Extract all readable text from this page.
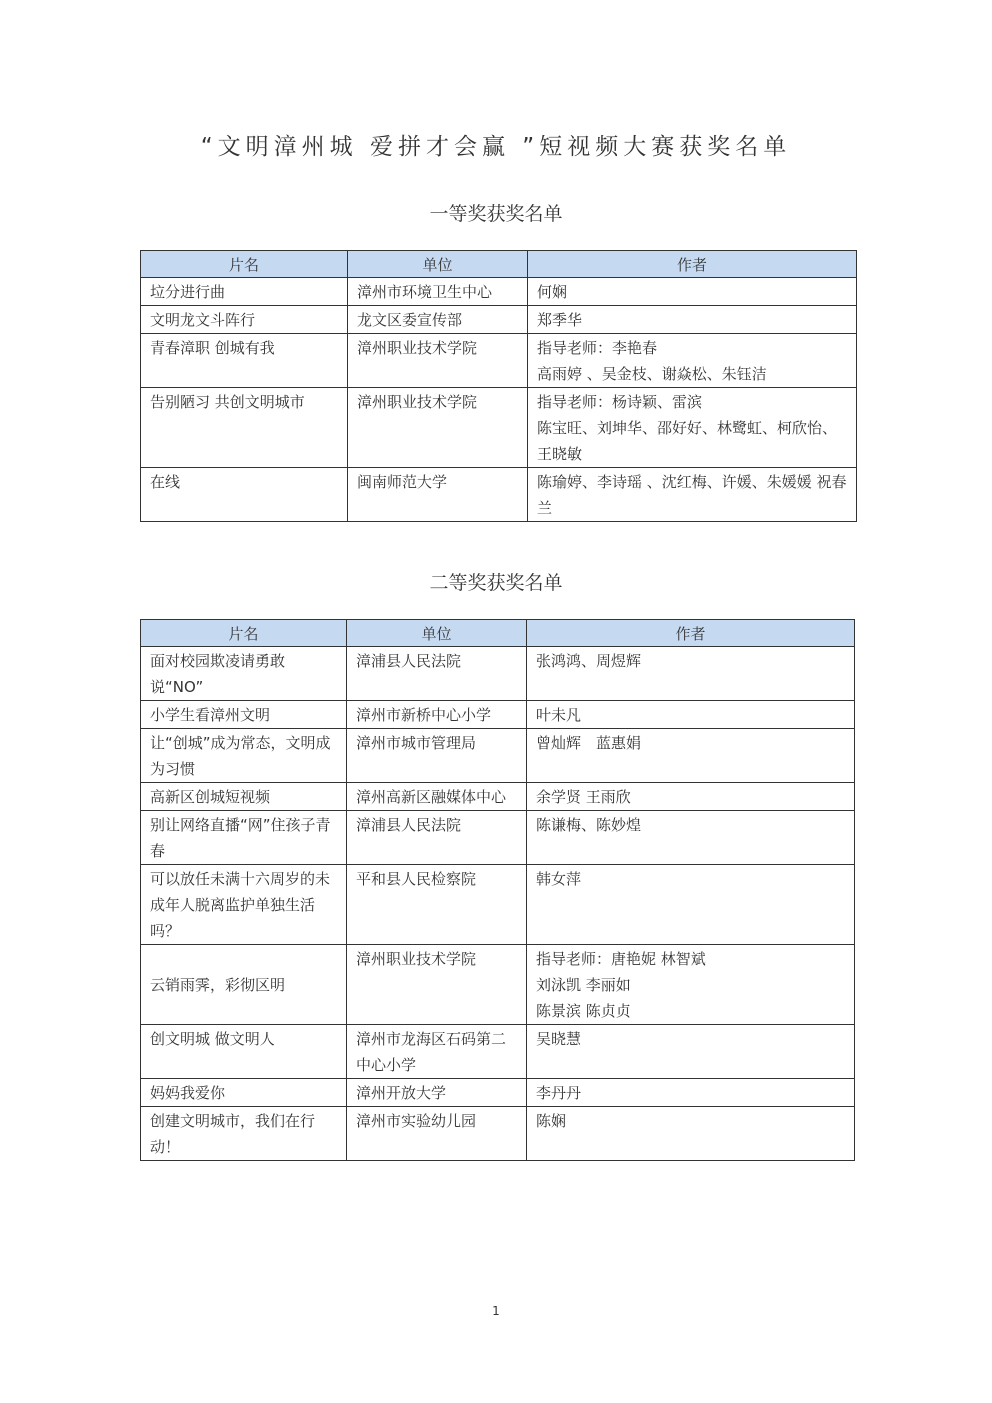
“文明漳州城 爱拼才会赢 ”短视频大赛获奖名单
一等奖获奖名单
片名	单位	作者
垃分进行曲	漳州市环境卫生中心	何娴

文明龙文斗阵行	龙文区委宣传部	郑季华

青春漳职 创城有我	漳州职业技术学院	指导老师：李艳春
高雨婷 、吴金枝、谢焱松、朱钰洁

告别陋习 共创文明城市	漳州职业技术学院	指导老师：杨诗颖、雷滨
陈宝旺、刘坤华、邵好好、林鹭虹、柯欣怡、王晓敏

在线	闽南师范大学	陈瑜婷、李诗瑶 、沈红梅、许媛、朱媛媛 祝春兰
二等奖获奖名单
片名	单位	作者
面对校园欺凌请勇敢说“NO”	漳浦县人民法院	张鸿鸿、周煜辉

小学生看漳州文明	漳州市新桥中心小学	叶未凡

让“创城”成为常态，文明成为习惯	漳州市城市管理局	曾灿辉　蓝惠娟

高新区创城短视频	漳州高新区融媒体中心	余学贤 王雨欣

别让网络直播“网”住孩子青春	漳浦县人民法院	陈谦梅、陈妙煌

可以放任未满十六周岁的未成年人脱离监护单独生活吗？	平和县人民检察院	韩女萍

云销雨霁，彩彻区明	漳州职业技术学院	指导老师：唐艳妮 林智斌
刘泳凯 李丽如
陈景滨 陈贞贞

创文明城 做文明人	漳州市龙海区石码第二中心小学	吴晓慧

妈妈我爱你	漳州开放大学	李丹丹

创建文明城市，我们在行动！	漳州市实验幼儿园	陈娴
1
